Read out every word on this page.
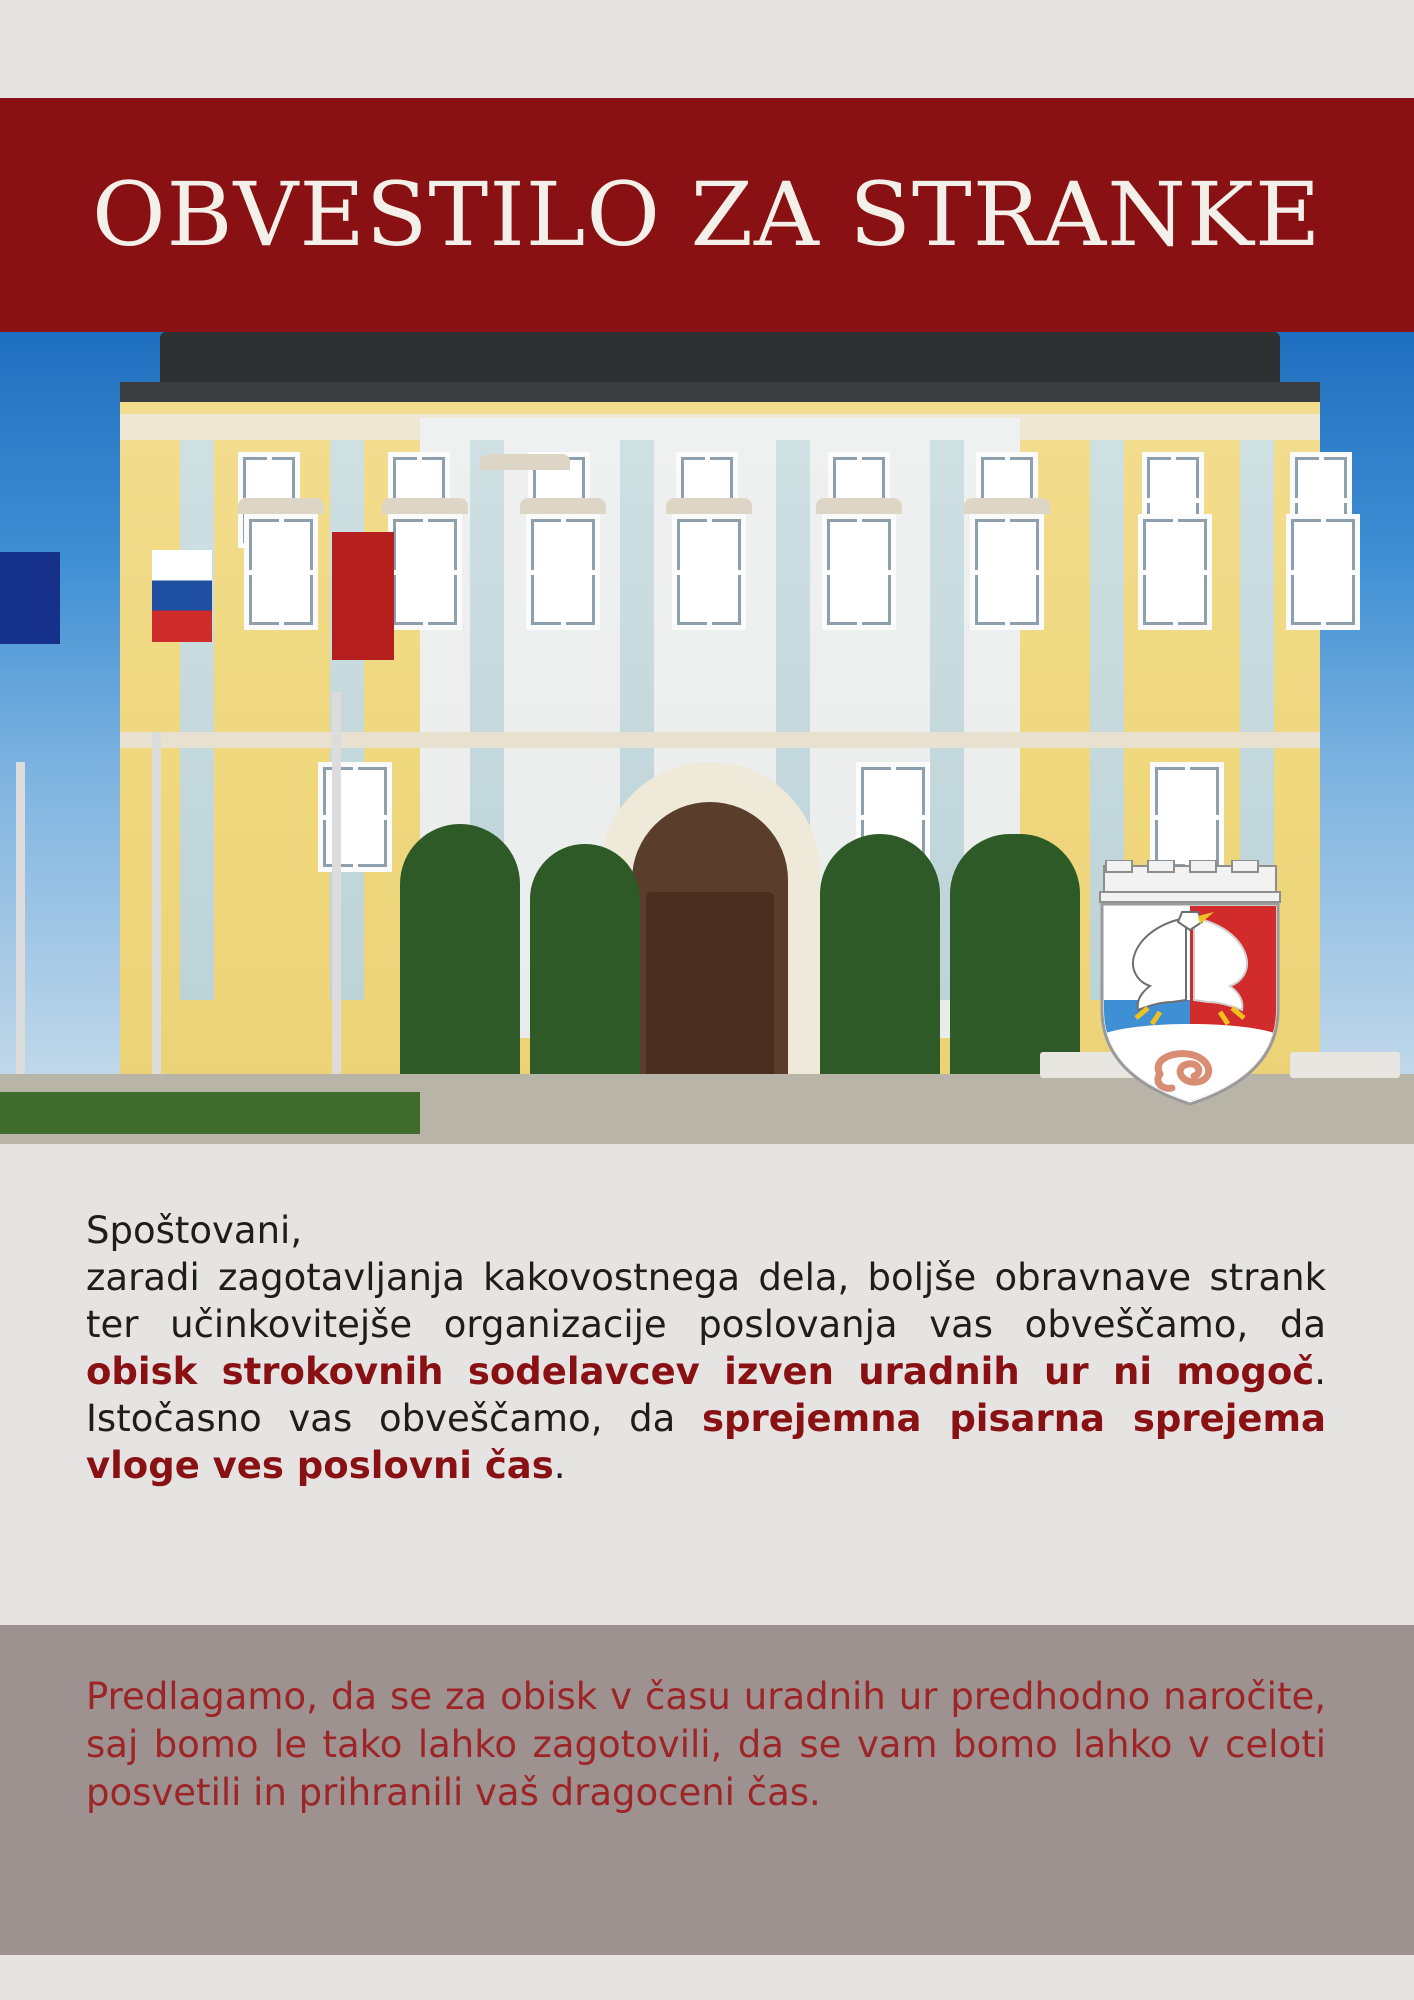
OBVESTILO ZA STRANKE
Spoštovani,
zaradi zagotavljanja kakovostnega dela, boljše obravnave strank ter učinkovitejše organizacije poslovanja vas obveščamo, da obisk strokovnih sodelavcev izven uradnih ur ni mogoč. Istočasno vas obveščamo, da sprejemna pisarna sprejema vloge ves poslovni čas.
Predlagamo, da se za obisk v času uradnih ur predhodno naročite, saj bomo le tako lahko zagotovili, da se vam bomo lahko v celoti posvetili in prihranili vaš dragoceni čas.
